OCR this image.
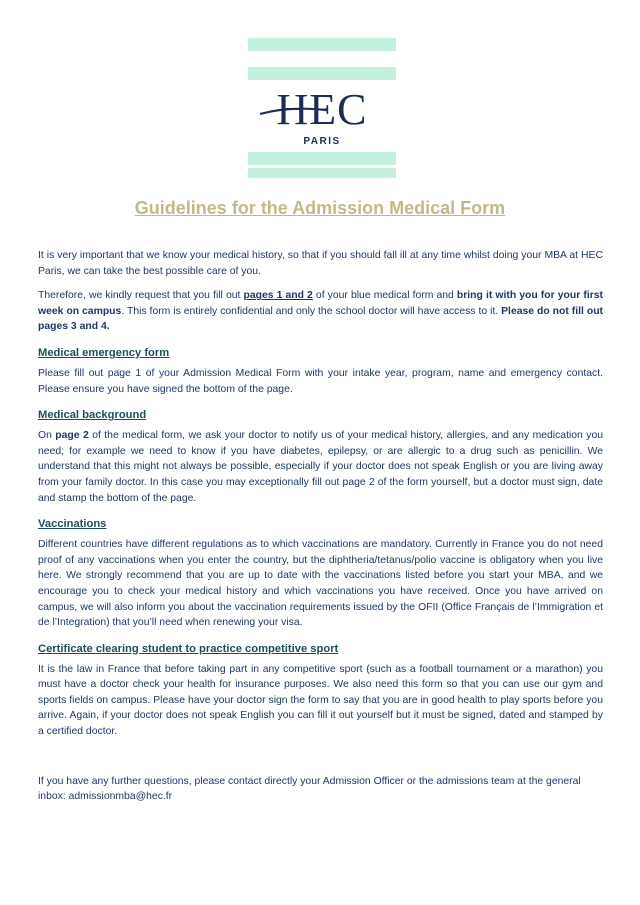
HEC
PARIS
Guidelines for the Admission Medical Form

It is very important that we know your medical history, so that if you should fall ill at any time whilst doing your MBA at HEC Paris, we can take the best possible care of you.

Therefore, we kindly request that you fill out pages 1 and 2 of your blue medical form and bring it with you for your first week on campus. This form is entirely confidential and only the school doctor will have access to it. Please do not fill out pages 3 and 4.

Medical emergency form

Please fill out page 1 of your Admission Medical Form with your intake year, program, name and emergency contact. Please ensure you have signed the bottom of the page.

Medical background

On page 2 of the medical form, we ask your doctor to notify us of your medical history, allergies, and any medication you need; for example we need to know if you have diabetes, epilepsy, or are allergic to a drug such as penicillin. We understand that this might not always be possible, especially if your doctor does not speak English or you are living away from your family doctor. In this case you may exceptionally fill out page 2 of the form yourself, but a doctor must sign, date and stamp the bottom of the page.

Vaccinations

Different countries have different regulations as to which vaccinations are mandatory. Currently in France you do not need proof of any vaccinations when you enter the country, but the diphtheria/tetanus/polio vaccine is obligatory when you live here. We strongly recommend that you are up to date with the vaccinations listed before you start your MBA, and we encourage you to check your medical history and which vaccinations you have received. Once you have arrived on campus, we will also inform you about the vaccination requirements issued by the OFII (Office Français de l’Immigration et de l’Integration) that you’ll need when renewing your visa.

Certificate clearing student to practice competitive sport

It is the law in France that before taking part in any competitive sport (such as a football tournament or a marathon) you must have a doctor check your health for insurance purposes. We also need this form so that you can use our gym and sports fields on campus. Please have your doctor sign the form to say that you are in good health to play sports before you arrive. Again, if your doctor does not speak English you can fill it out yourself but it must be signed, dated and stamped by a certified doctor.

If you have any further questions, please contact directly your Admission Officer or the admissions team at the general inbox: admissionmba@hec.fr
